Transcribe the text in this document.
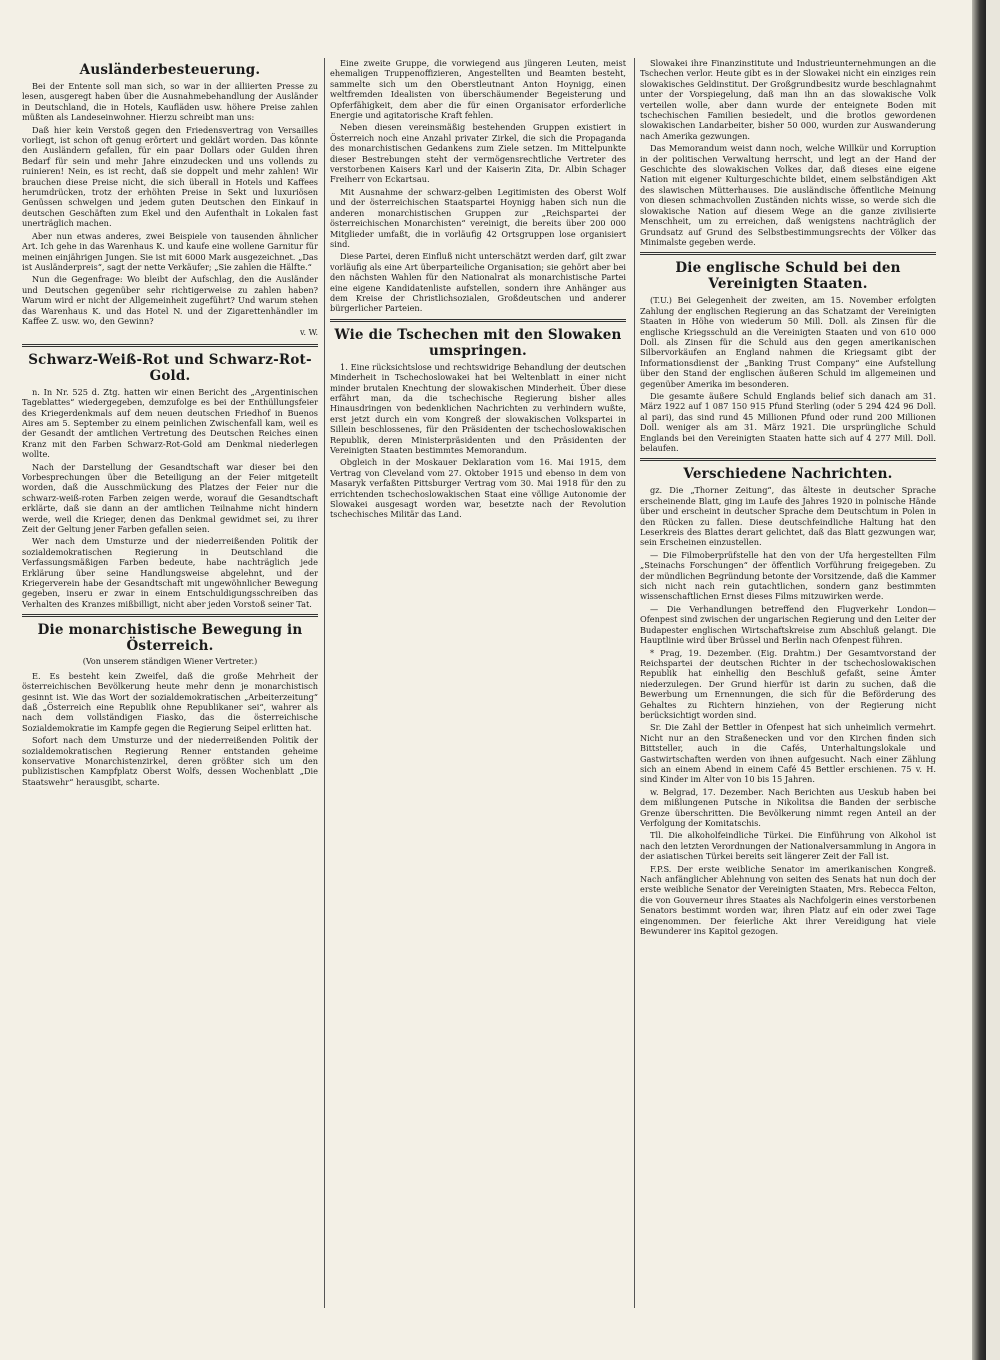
Ausländerbesteuerung.

Bei der Entente soll man sich, so war in der alliierten Presse zu lesen, ausgeregt haben über die Ausnahmebehandlung der Ausländer in Deutschland, die in Hotels, Kaufläden usw. höhere Preise zahlen müßten als Landeseinwohner. Hierzu schreibt man uns:

Daß hier kein Verstoß gegen den Friedensvertrag von Versailles vorliegt, ist schon oft genug erörtert und geklärt worden. Das könnte den Ausländern gefallen, für ein paar Dollars oder Gulden ihren Bedarf für sein und mehr Jahre einzudecken und uns vollends zu ruinieren! Nein, es ist recht, daß sie doppelt und mehr zahlen! Wir brauchen diese Preise nicht, die sich überall in Hotels und Kaffees herumdrücken, trotz der erhöhten Preise in Sekt und luxuriösen Genüssen schwelgen und jedem guten Deutschen den Einkauf in deutschen Geschäften zum Ekel und den Aufenthalt in Lokalen fast unerträglich machen.

Aber nun etwas anderes, zwei Beispiele von tausenden ähnlicher Art. Ich gehe in das Warenhaus K. und kaufe eine wollene Garnitur für meinen einjährigen Jungen. Sie ist mit 6000 Mark ausgezeichnet. „Das ist Ausländerpreis“, sagt der nette Verkäufer; „Sie zahlen die Hälfte.“

Nun die Gegenfrage: Wo bleibt der Aufschlag, den die Ausländer und Deutschen gegenüber sehr richtigerweise zu zahlen haben? Warum wird er nicht der Allgemeinheit zugeführt? Und warum stehen das Warenhaus K. und das Hotel N. und der Zigarettenhändler im Kaffee Z. usw. wo, den Gewinn?

v. W.
Schwarz-Weiß-Rot und Schwarz-Rot-Gold.

n. In Nr. 525 d. Ztg. hatten wir einen Bericht des „Argentinischen Tageblattes“ wiedergegeben, demzufolge es bei der Enthüllungsfeier des Kriegerdenkmals auf dem neuen deutschen Friedhof in Buenos Aires am 5. September zu einem peinlichen Zwischenfall kam, weil es der Gesandt der amtlichen Vertretung des Deutschen Reiches einen Kranz mit den Farben Schwarz-Rot-Gold am Denkmal niederlegen wollte.

Nach der Darstellung der Gesandtschaft war dieser bei den Vorbesprechungen über die Beteiligung an der Feier mitgeteilt worden, daß die Ausschmückung des Platzes der Feier nur die schwarz-weiß-roten Farben zeigen werde, worauf die Gesandtschaft erklärte, daß sie dann an der amtlichen Teilnahme nicht hindern werde, weil die Krieger, denen das Denkmal gewidmet sei, zu ihrer Zeit der Geltung jener Farben gefallen seien.

Wer nach dem Umsturze und der niederreißenden Politik der sozialdemokratischen Regierung in Deutschland die Verfassungsmäßigen Farben bedeute, habe nachträglich jede Erklärung über seine Handlungsweise abgelehnt, und der Kriegerverein habe der Gesandtschaft mit ungewöhnlicher Bewegung gegeben, inseru er zwar in einem Entschuldigungsschreiben das Verhalten des Kranzes mißbilligt, nicht aber jeden Vorstoß seiner Tat.

Die monarchistische Bewegung in Österreich.
(Von unserem ständigen Wiener Vertreter.)

E. Es besteht kein Zweifel, daß die große Mehrheit der österreichischen Bevölkerung heute mehr denn je monarchistisch gesinnt ist. Wie das Wort der sozialdemokratischen „Arbeiterzeitung“ daß „Österreich eine Republik ohne Republikaner sei“, wahrer als nach dem vollständigen Fiasko, das die österreichische Sozialdemokratie im Kampfe gegen die Regierung Seipel erlitten hat.

Sofort nach dem Umsturze und der niederreißenden Politik der sozialdemokratischen Regierung Renner entstanden geheime konservative Monarchistenzirkel, deren größter sich um den publizistischen Kampfplatz Oberst Wolfs, dessen Wochenblatt „Die Staatswehr“ herausgibt, scharte.

Eine zweite Gruppe, die vorwiegend aus jüngeren Leuten, meist ehemaligen Truppenoffizieren, Angestellten und Beamten besteht, sammelte sich um den Oberstleutnant Anton Hoynigg, einen weltfremden Idealisten von überschäumender Begeisterung und Opferfähigkeit, dem aber die für einen Organisator erforderliche Energie und agitatorische Kraft fehlen.

Neben diesen vereinsmäßig bestehenden Gruppen existiert in Österreich noch eine Anzahl privater Zirkel, die sich die Propaganda des monarchistischen Gedankens zum Ziele setzen. Im Mittelpunkte dieser Bestrebungen steht der vermögensrechtliche Vertreter des verstorbenen Kaisers Karl und der Kaiserin Zita, Dr. Albin Schager Freiherr von Eckartsau.

Mit Ausnahme der schwarz-gelben Legitimisten des Oberst Wolf und der österreichischen Staatspartei Hoynigg haben sich nun die anderen monarchistischen Gruppen zur „Reichspartei der österreichischen Monarchisten“ vereinigt, die bereits über 200 000 Mitglieder umfaßt, die in vorläufig 42 Ortsgruppen lose organisiert sind.

Diese Partei, deren Einfluß nicht unterschätzt werden darf, gilt zwar vorläufig als eine Art überparteiliche Organisation; sie gehört aber bei den nächsten Wahlen für den Nationalrat als monarchistische Partei eine eigene Kandidatenliste aufstellen, sondern ihre Anhänger aus dem Kreise der Christlichsozialen, Großdeutschen und anderer bürgerlicher Parteien.

Wie die Tschechen mit den Slowaken umspringen.

1. Eine rücksichtslose und rechtswidrige Behandlung der deutschen Minderheit in Tschechoslowakei hat bei Weltenblatt in einer nicht minder brutalen Knechtung der slowakischen Minderheit. Über diese erfährt man, da die tschechische Regierung bisher alles Hinausdringen von bedenklichen Nachrichten zu verhindern wußte, erst jetzt durch ein vom Kongreß der slowakischen Volkspartei in Sillein beschlossenes, für den Präsidenten der tschechoslowakischen Republik, deren Ministerpräsidenten und den Präsidenten der Vereinigten Staaten bestimmtes Memorandum.

Obgleich in der Moskauer Deklaration vom 16. Mai 1915, dem Vertrag von Cleveland vom 27. Oktober 1915 und ebenso in dem von Masaryk verfaßten Pittsburger Vertrag vom 30. Mai 1918 für den zu errichtenden tschechoslowakischen Staat eine völlige Autonomie der Slowakei ausgesagt worden war, besetzte nach der Revolution tschechisches Militär das Land.

Slowakei ihre Finanzinstitute und Industrieunternehmungen an die Tschechen verlor. Heute gibt es in der Slowakei nicht ein einziges rein slowakisches Geldinstitut. Der Großgrundbesitz wurde beschlagnahmt unter der Vorspiegelung, daß man ihn an das slowakische Volk verteilen wolle, aber dann wurde der enteignete Boden mit tschechischen Familien besiedelt, und die brotlos gewordenen slowakischen Landarbeiter, bisher 50 000, wurden zur Auswanderung nach Amerika gezwungen.

Das Memorandum weist dann noch, welche Willkür und Korruption in der politischen Verwaltung herrscht, und legt an der Hand der Geschichte des slowakischen Volkes dar, daß dieses eine eigene Nation mit eigener Kulturgeschichte bildet, einem selbständigen Akt des slawischen Mütterhauses. Die ausländische öffentliche Meinung von diesen schmachvollen Zuständen nichts wisse, so werde sich die slowakische Nation auf diesem Wege an die ganze zivilisierte Menschheit, um zu erreichen, daß wenigstens nachträglich der Grundsatz auf Grund des Selbstbestimmungsrechts der Völker das Minimalste gegeben werde.

Die englische Schuld bei den Vereinigten Staaten.

(T.U.) Bei Gelegenheit der zweiten, am 15. November erfolgten Zahlung der englischen Regierung an das Schatzamt der Vereinigten Staaten in Höhe von wiederum 50 Mill. Doll. als Zinsen für die englische Kriegsschuld an die Vereinigten Staaten und von 610 000 Doll. als Zinsen für die Schuld aus den gegen amerikanischen Silbervorkäufen an England nahmen die Kriegsamt gibt der Informationsdienst der „Banking Trust Company“ eine Aufstellung über den Stand der englischen äußeren Schuld im allgemeinen und gegenüber Amerika im besonderen.

Die gesamte äußere Schuld Englands belief sich danach am 31. März 1922 auf 1 087 150 915 Pfund Sterling (oder 5 294 424 96 Doll. al pari), das sind rund 45 Millionen Pfund oder rund 200 Millionen Doll. weniger als am 31. März 1921. Die ursprüngliche Schuld Englands bei den Vereinigten Staaten hatte sich auf 4 277 Mill. Doll. belaufen.

Verschiedene Nachrichten.

gz. Die „Thorner Zeitung“, das älteste in deutscher Sprache erscheinende Blatt, ging im Laufe des Jahres 1920 in polnische Hände über und erscheint in deutscher Sprache dem Deutschtum in Polen in den Rücken zu fallen. Diese deutschfeindliche Haltung hat den Leserkreis des Blattes derart gelichtet, daß das Blatt gezwungen war, sein Erscheinen einzustellen.

— Die Filmoberprüfstelle hat den von der Ufa hergestellten Film „Steinachs Forschungen“ der öffentlich Vorführung freigegeben. Zu der mündlichen Begründung betonte der Vorsitzende, daß die Kammer sich nicht nach rein gutachtlichen, sondern ganz bestimmten wissenschaftlichen Ernst dieses Films mitzuwirken werde.

— Die Verhandlungen betreffend den Flugverkehr London—Ofenpest sind zwischen der ungarischen Regierung und den Leiter der Budapester englischen Wirtschaftskreise zum Abschluß gelangt. Die Hauptlinie wird über Brüssel und Berlin nach Ofenpest führen.

* Prag, 19. Dezember. (Eig. Drahtm.) Der Gesamtvorstand der Reichspartei der deutschen Richter in der tschechoslowakischen Republik hat einhellig den Beschluß gefaßt, seine Ämter niederzulegen. Der Grund hierfür ist darin zu suchen, daß die Bewerbung um Ernennungen, die sich für die Beförderung des Gehaltes zu Richtern hinziehen, von der Regierung nicht berücksichtigt worden sind.

Sr. Die Zahl der Bettler in Ofenpest hat sich unheimlich vermehrt. Nicht nur an den Straßenecken und vor den Kirchen finden sich Bittsteller, auch in die Cafés, Unterhaltungslokale und Gastwirtschaften werden von ihnen aufgesucht. Nach einer Zählung sich an einem Abend in einem Café 45 Bettler erschienen. 75 v. H. sind Kinder im Alter von 10 bis 15 Jahren.

w. Belgrad, 17. Dezember. Nach Berichten aus Ueskub haben bei dem mißlungenen Putsche in Nikolitsa die Banden der serbische Grenze überschritten. Die Bevölkerung nimmt regen Anteil an der Verfolgung der Komitatschis.

Tll. Die alkoholfeindliche Türkei. Die Einführung von Alkohol ist nach den letzten Verordnungen der Nationalversammlung in Angora in der asiatischen Türkei bereits seit längerer Zeit der Fall ist.

F.P.S. Der erste weibliche Senator im amerikanischen Kongreß. Nach anfänglicher Ablehnung von seiten des Senats hat nun doch der erste weibliche Senator der Vereinigten Staaten, Mrs. Rebecca Felton, die von Gouverneur ihres Staates als Nachfolgerin eines verstorbenen Senators bestimmt worden war, ihren Platz auf ein oder zwei Tage eingenommen. Der feierliche Akt ihrer Vereidigung hat viele Bewunderer ins Kapitol gezogen.
